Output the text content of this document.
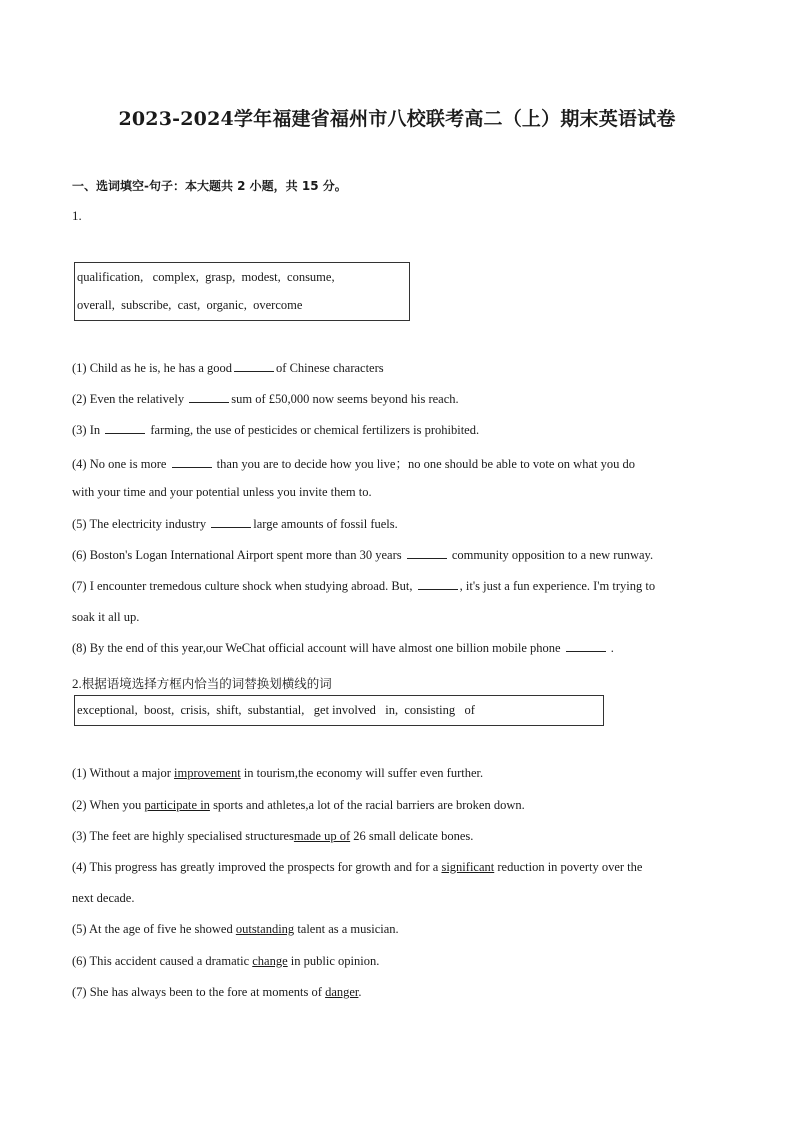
2023-2024学年福建省福州市八校联考高二（上）期末英语试卷
一、选词填空-句子：本大题共 2 小题，共 15 分。
1.
qualification,   complex,  grasp,  modest,  consume,
overall,  subscribe,  cast,  organic,  overcome
(1) Child as he is, he has a good	of Chinese characters
(2) Even the relatively	sum of £50,000 now seems beyond his reach.
(3) In	farming, the use of pesticides or chemical fertilizers is prohibited.
(4) No one is more	than you are to decide how you live；no one should be able to vote on what you do
with your time and your potential unless you invite them to.
(5) The electricity industry	large amounts of fossil fuels.
(6) Boston's Logan International Airport spent more than 30 years	community opposition to a new runway.
(7) I encounter tremedous culture shock when studying abroad. But,	, it's just a fun experience. I'm trying to
soak it all up.
(8) By the end of this year,our WeChat official account will have almost one billion mobile phone	.
2.根据语境选择方框内恰当的词替换划横线的词
exceptional,  boost,  crisis,  shift,  substantial,   get involved   in,  consisting   of
(1) Without a major improvement in tourism,the economy will suffer even further.
(2) When you participate in sports and athletes,a lot of the racial barriers are broken down.
(3) The feet are highly specialised structuresmade up of 26 small delicate bones.
(4) This progress has greatly improved the prospects for growth and for a significant reduction in poverty over the
next decade.
(5) At the age of five he showed outstanding talent as a musician.
(6) This accident caused a dramatic change in public opinion.
(7) She has always been to the fore at moments of danger.
